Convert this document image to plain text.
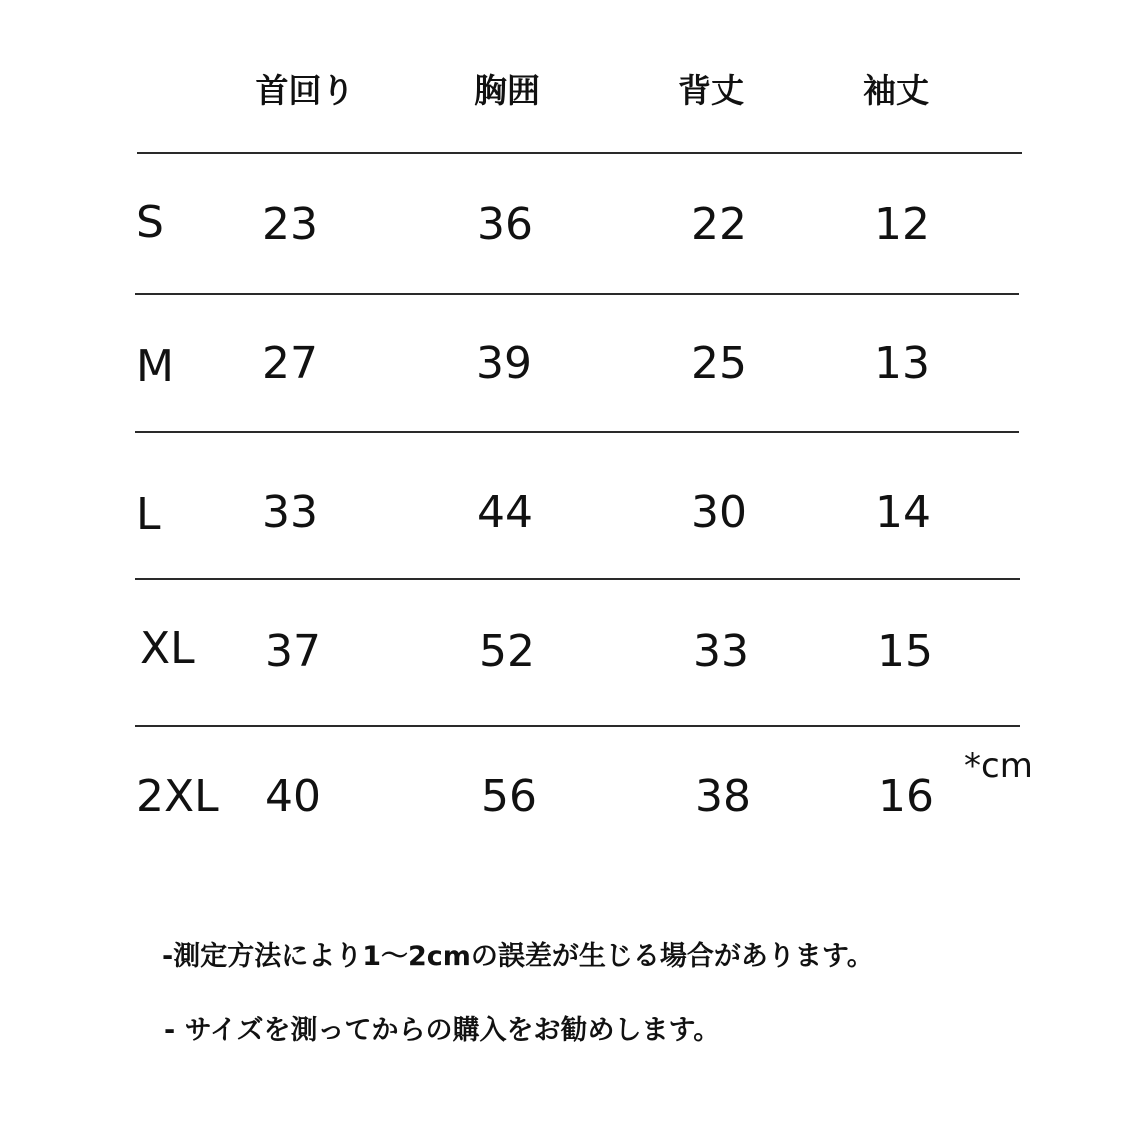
首回り	胸囲	背丈	袖丈
S 23	36	22	12
M 27	39	25	13
L 33	44	30	14
XL 37	52	33	15
2XL 40	56	38	16
*cm
-測定方法により1～2cmの誤差が生じる場合があります。
- サイズを測ってからの購入をお勧めします。
